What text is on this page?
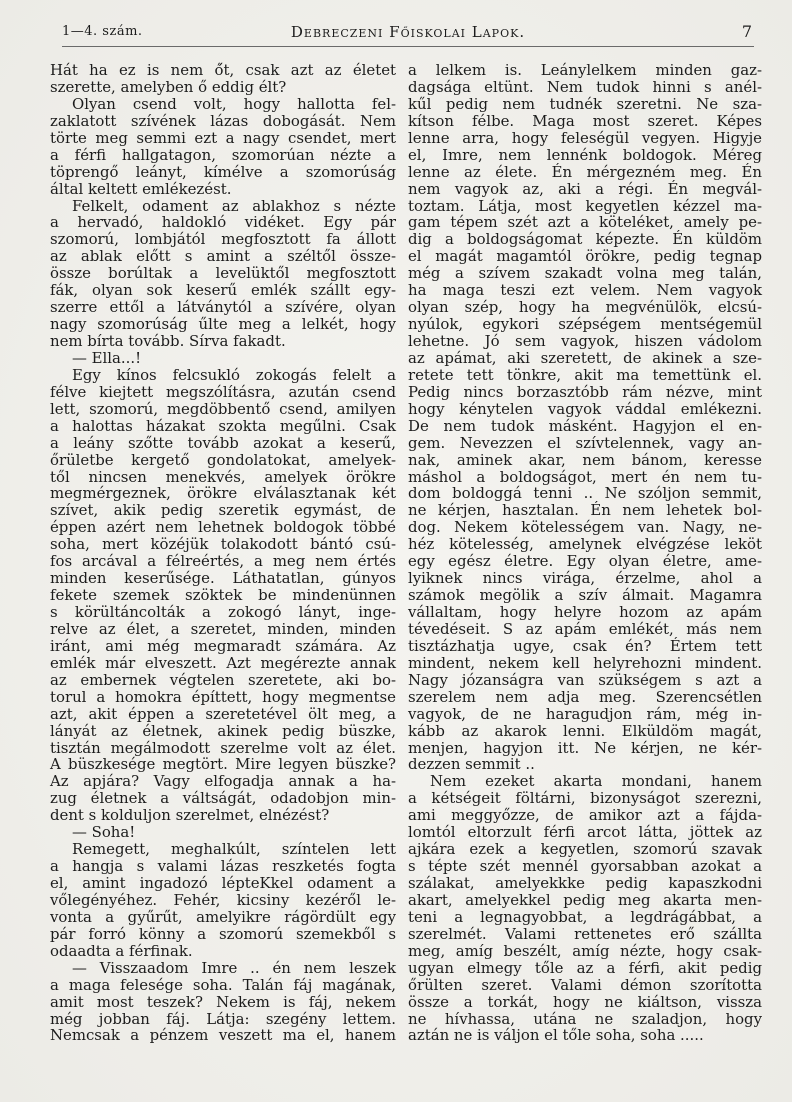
1—4. szám.	Debreczeni Főiskolai Lapok.	7
Hát ha ez is nem ő́t, csak azt az életet
szerette, amelyben ő eddig élt?
Olyan csend volt, hogy hallotta fel-
zaklatott szívének lázas dobogását. Nem
törte meg semmi ezt a nagy csendet, mert
a férfi hallgatagon, szomorúan nézte a
töprengő leányt, kímélve a szomorúság
által keltett emlékezést.
Felkelt, odament az ablakhoz s nézte
a hervadó, haldokló vidéket. Egy pár
szomorú, lombjától megfosztott fa állott
az ablak előtt s amint a széltől össze-
össze borúltak a levelüktől megfosztott
fák, olyan sok keserű emlék szállt egy-
szerre ettől a látványtól a szívére, olyan
nagy szomorúság űlte meg a lelkét, hogy
nem bírta tovább. Sírva fakadt.
— Ella...!
Egy kínos felcsukló zokogás felelt a
félve kiejtett megszólításra, azután csend
lett, szomorú, megdöbbentő csend, amilyen
a halottas házakat szokta megűlni. Csak
a leány szőtte tovább azokat a keserű,
őrületbe kergető gondolatokat, amelyek-
től nincsen menekvés, amelyek örökre
megmérgeznek, örökre elválasztanak két
szívet, akik pedig szeretik egymást, de
éppen azért nem lehetnek boldogok többé
soha, mert közéjük tolakodott bántó csú-
fos arcával a félreértés, a meg nem értés
minden keserűsége. Láthatatlan, gúnyos
fekete szemek szöktek be mindenünnen
s körültáncolták a zokogó lányt, inge-
relve az élet, a szeretet, minden, minden
iránt, ami még megmaradt számára. Az
emlék már elveszett. Azt megérezte annak
az embernek végtelen szeretete, aki bo-
torul a homokra építtett, hogy megmentse
azt, akit éppen a szeretetével ölt meg, a
lányát az életnek, akinek pedig büszke,
tisztán megálmodott szerelme volt az élet.
A büszkesége megtört. Mire legyen büszke?
Az apjára? Vagy elfogadja annak a ha-
zug életnek a váltságát, odadobjon min-
dent s kolduljon szerelmet, elnézést?
— Soha!
Remegett, meghalkúlt, színtelen lett
a hangja s valami lázas reszketés fogta
el, amint ingadozó lépteKkel odament a
vőlegényéhez. Fehér, kicsiny kezéről le-
vonta a gyűrűt, amelyikre rágördült egy
pár forró könny a szomorú szemekből s
odaadta a férfinak.
— Visszaadom Imre .. én nem leszek
a maga felesége soha. Talán fáj magának,
amit most teszek? Nekem is fáj, nekem
még jobban fáj. Látja: szegény lettem.
Nemcsak a pénzem veszett ma el, hanem
a lelkem is. Leánylelkem minden gaz-
dagsága eltünt. Nem tudok hinni s anél-
kűl pedig nem tudnék szeretni. Ne sza-
kítson félbe. Maga most szeret. Képes
lenne arra, hogy feleségül vegyen. Higyje
el, Imre, nem lennénk boldogok. Méreg
lenne az élete. Én mérgezném meg. Én
nem vagyok az, aki a régi. Én megvál-
toztam. Látja, most kegyetlen kézzel ma-
gam tépem szét azt a köteléket, amely pe-
dig a boldogságomat képezte. Én küldöm
el magát magamtól örökre, pedig tegnap
még a szívem szakadt volna meg talán,
ha maga teszi ezt velem. Nem vagyok
olyan szép, hogy ha megvénülök, elcsú-
nyúlok, egykori szépségem mentségemül
lehetne. Jó sem vagyok, hiszen vádolom
az apámat, aki szeretett, de akinek a sze-
retete tett tönkre, akit ma temettünk el.
Pedig nincs borzasztóbb rám nézve, mint
hogy kénytelen vagyok váddal emlékezni.
De nem tudok másként. Hagyjon el en-
gem. Nevezzen el szívtelennek, vagy an-
nak, aminek akar, nem bánom, keresse
máshol a boldogságot, mert én nem tu-
dom boldoggá tenni .. Ne szóljon semmit,
ne kérjen, hasztalan. Én nem lehetek bol-
dog. Nekem kötelességem van. Nagy, ne-
héz kötelesség, amelynek elvégzése leköt
egy egész életre. Egy olyan életre, ame-
lyiknek nincs virága, érzelme, ahol a
számok megölik a szív álmait. Magamra
vállaltam, hogy helyre hozom az apám
tévedéseit. S az apám emlékét, más nem
tisztázhatja ugye, csak én? Értem tett
mindent, nekem kell helyrehozni mindent.
Nagy józanságra van szükségem s azt a
szerelem nem adja meg. Szerencsétlen
vagyok, de ne haragudjon rám, még in-
kább az akarok lenni. Elküldöm magát,
menjen, hagyjon itt. Ne kérjen, ne kér-
dezzen semmit ..
Nem ezeket akarta mondani, hanem
a kétségeit föltárni, bizonyságot szerezni,
ami meggyőzze, de amikor azt a fájda-
lomtól eltorzult férfi arcot látta, jöttek az
ajkára ezek a kegyetlen, szomorú szavak
s tépte szét mennél gyorsabban azokat a
szálakat, amelyekkke pedig kapaszkodni
akart, amelyekkel pedig meg akarta men-
teni a legnagyobbat, a legdrágábbat, a
szerelmét. Valami rettenetes erő szállta
meg, amíg beszélt, amíg nézte, hogy csak-
ugyan elmegy tőle az a férfi, akit pedig
őrülten szeret. Valami démon szorította
össze a torkát, hogy ne kiáltson, vissza
ne hívhassa, utána ne szaladjon, hogy
aztán ne is váljon el tőle soha, soha .....
